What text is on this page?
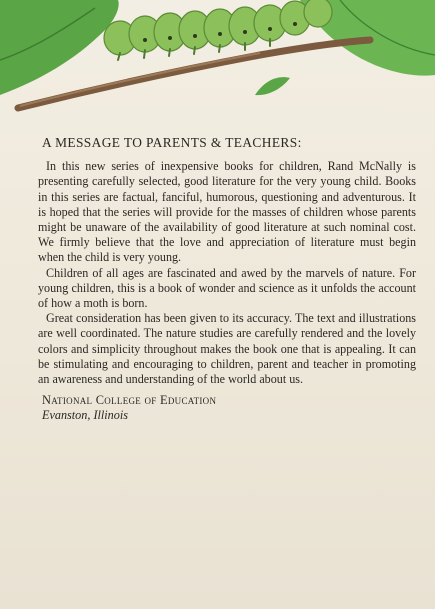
A MESSAGE TO PARENTS & TEACHERS:

In this new series of inexpensive books for children, Rand McNally is presenting carefully selected, good literature for the very young child. Books in this series are factual, fanciful, humorous, questioning and adventurous. It is hoped that the series will provide for the masses of children whose parents might be unaware of the availability of good literature at such nominal cost. We firmly believe that the love and appreciation of literature must begin when the child is very young.

Children of all ages are fascinated and awed by the marvels of nature. For young children, this is a book of wonder and science as it unfolds the account of how a moth is born.

Great consideration has been given to its accuracy. The text and illustrations are well coordinated. The nature studies are carefully rendered and the lovely colors and simplicity throughout makes the book one that is appealing. It can be stimulating and encouraging to children, parent and teacher in promoting an awareness and understanding of the world about us.

National College of Education
Evanston, Illinois
